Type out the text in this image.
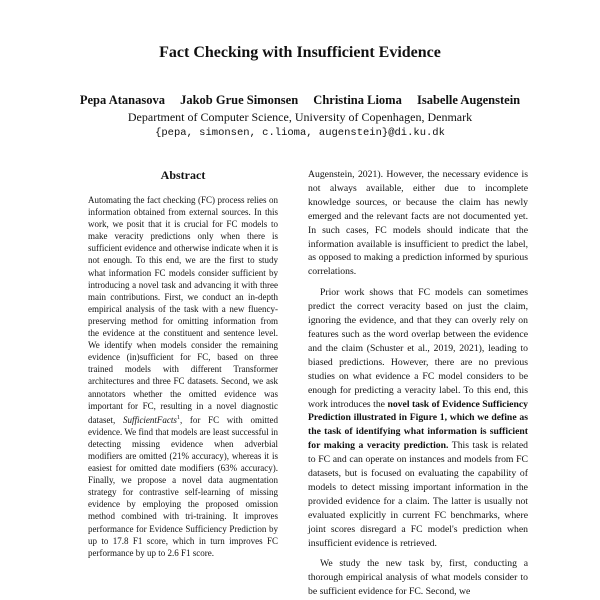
Fact Checking with Insufficient Evidence
Pepa Atanasova Jakob Grue Simonsen Christina Lioma Isabelle Augenstein
Department of Computer Science, University of Copenhagen, Denmark
{pepa, simonsen, c.lioma, augenstein}@di.ku.dk
Abstract
Automating the fact checking (FC) process relies on information obtained from external sources. In this work, we posit that it is crucial for FC models to make veracity predictions only when there is sufficient evidence and otherwise indicate when it is not enough. To this end, we are the first to study what information FC models consider sufficient by introducing a novel task and advancing it with three main contributions. First, we conduct an in-depth empirical analysis of the task with a new fluency-preserving method for omitting information from the evidence at the constituent and sentence level. We identify when models consider the remaining evidence (in)sufficient for FC, based on three trained models with different Transformer architectures and three FC datasets. Second, we ask annotators whether the omitted evidence was important for FC, resulting in a novel diagnostic dataset, SufficientFacts$^1$, for FC with omitted evidence. We find that models are least successful in detecting missing evidence when adverbial modifiers are omitted (21% accuracy), whereas it is easiest for omitted date modifiers (63% accuracy). Finally, we propose a novel data augmentation strategy for contrastive self-learning of missing evidence by employing the proposed omission method combined with tri-training. It improves performance for Evidence Sufficiency Prediction by up to 17.8 F1 score, which in turn improves FC performance by up to 2.6 F1 score.

Augenstein, 2021). However, the necessary evidence is not always available, either due to incomplete knowledge sources, or because the claim has newly emerged and the relevant facts are not documented yet. In such cases, FC models should indicate that the information available is insufficient to predict the label, as opposed to making a prediction informed by spurious correlations.

Prior work shows that FC models can sometimes predict the correct veracity based on just the claim, ignoring the evidence, and that they can overly rely on features such as the word overlap between the evidence and the claim (Schuster et al., 2019, 2021), leading to biased predictions. However, there are no previous studies on what evidence a FC model considers to be enough for predicting a veracity label. To this end, this work introduces the novel task of Evidence Sufficiency Prediction illustrated in Figure 1, which we define as the task of identifying what information is sufficient for making a veracity prediction. This task is related to FC and can operate on instances and models from FC datasets, but is focused on evaluating the capability of models to detect missing important information in the provided evidence for a claim. The latter is usually not evaluated explicitly in current FC benchmarks, where joint scores disregard a FC model's prediction when insufficient evidence is retrieved.

We study the new task by, first, conducting a thorough empirical analysis of what models consider to be sufficient evidence for FC. Second, we
